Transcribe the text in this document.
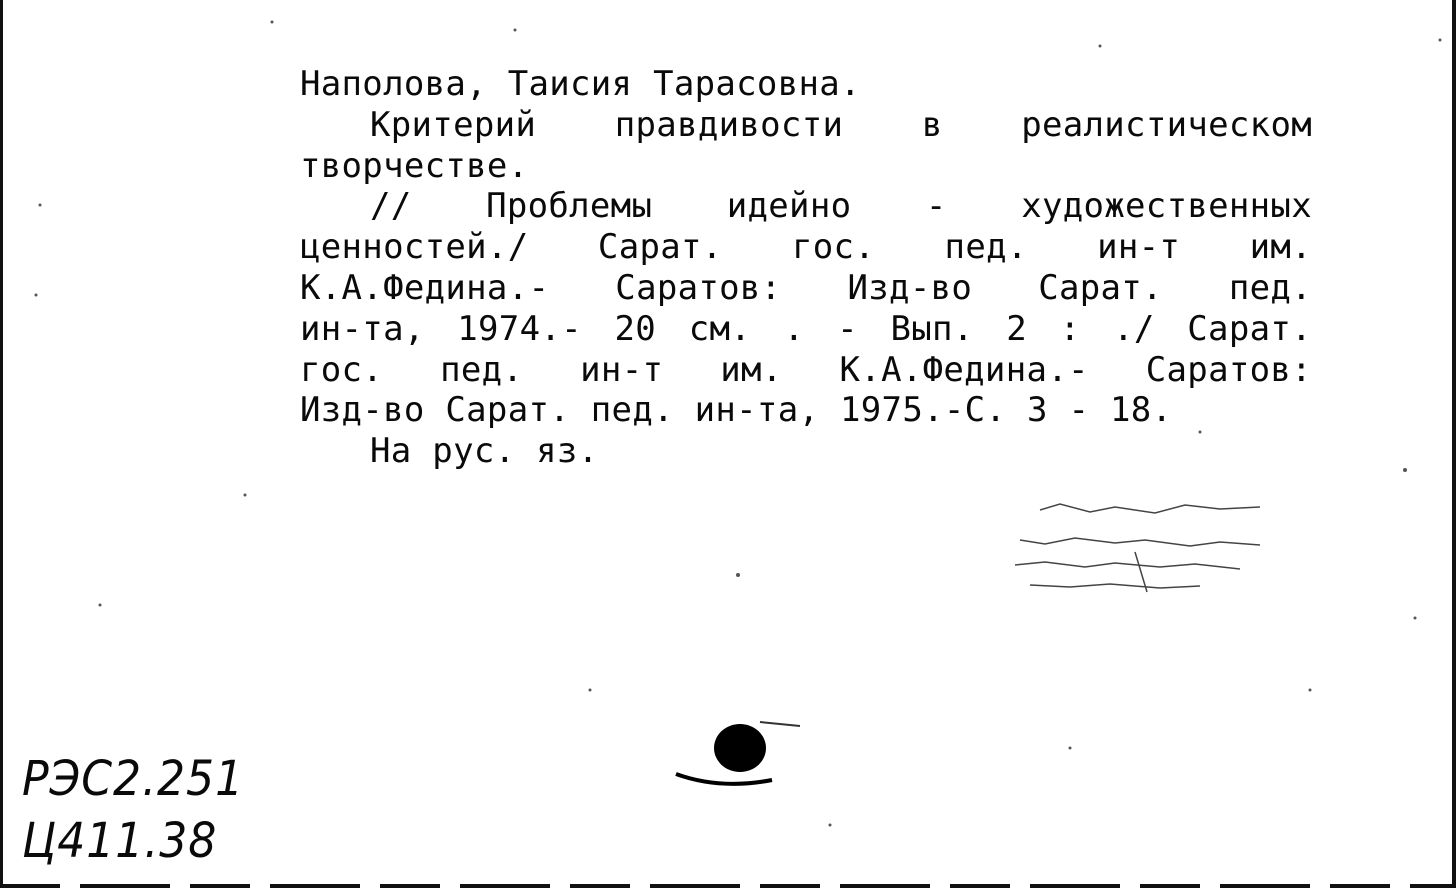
Наполова, Таисия Тарасовна.
Критерий правдивости в реалистическом
творчестве.
// Проблемы идейно - художественных
ценностей./ Сарат. гос. пед. ин-т им.
К.А.Федина.- Саратов: Изд-во Сарат. пед.
ин-та, 1974.- 20 см. . - Вып. 2 : ./ Сарат.
гос. пед. ин-т им. К.А.Федина.- Саратов:
Изд-во Сарат. пед. ин-та, 1975.-С. 3 - 18.
На рус. яз.
РЭС2.251
Ц411.38
